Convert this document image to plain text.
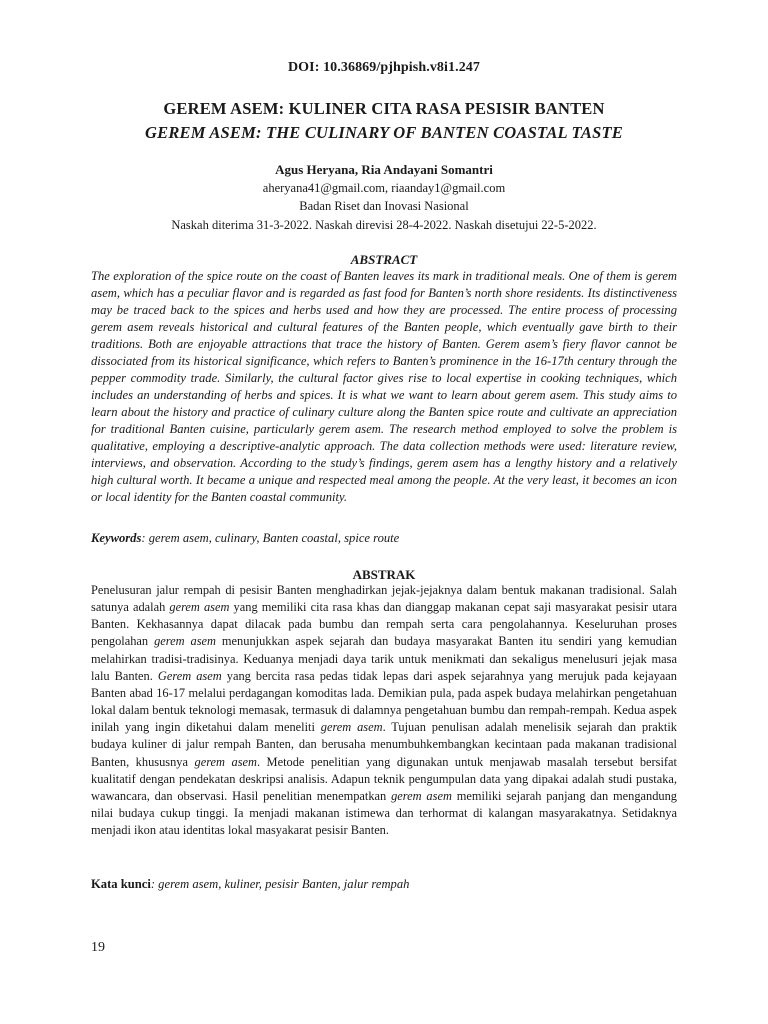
DOI: 10.36869/pjhpish.v8i1.247
GEREM ASEM: KULINER CITA RASA PESISIR BANTEN
GEREM ASEM: THE CULINARY OF BANTEN COASTAL TASTE
Agus Heryana, Ria Andayani Somantri
aheryana41@gmail.com, riaanday1@gmail.com
Badan Riset dan Inovasi Nasional
Naskah diterima 31-3-2022. Naskah direvisi 28-4-2022. Naskah disetujui 22-5-2022.
ABSTRACT

The exploration of the spice route on the coast of Banten leaves its mark in traditional meals. One of them is gerem asem, which has a peculiar flavor and is regarded as fast food for Banten’s north shore residents. Its distinctiveness may be traced back to the spices and herbs used and how they are processed. The entire process of processing gerem asem reveals historical and cultural features of the Banten people, which eventually gave birth to their traditions. Both are enjoyable attractions that trace the history of Banten. Gerem asem’s fiery flavor cannot be dissociated from its historical significance, which refers to Banten’s prominence in the 16-17th century through the pepper commodity trade. Similarly, the cultural factor gives rise to local expertise in cooking techniques, which includes an understanding of herbs and spices. It is what we want to learn about gerem asem. This study aims to learn about the history and practice of culinary culture along the Banten spice route and cultivate an appreciation for traditional Banten cuisine, particularly gerem asem. The research method employed to solve the problem is qualitative, employing a descriptive-analytic approach. The data collection methods were used: literature review, interviews, and observation. According to the study’s findings, gerem asem has a lengthy history and a relatively high cultural worth. It became a unique and respected meal among the people. At the very least, it becomes an icon or local identity for the Banten coastal community.

Keywords: gerem asem, culinary, Banten coastal, spice route

ABSTRAK

Penelusuran jalur rempah di pesisir Banten menghadirkan jejak-jejaknya dalam bentuk makanan tradisional. Salah satunya adalah gerem asem yang memiliki cita rasa khas dan dianggap makanan cepat saji masyarakat pesisir utara Banten. Kekhasannya dapat dilacak pada bumbu dan rempah serta cara pengolahannya. Keseluruhan proses pengolahan gerem asem menunjukkan aspek sejarah dan budaya masyarakat Banten itu sendiri yang kemudian melahirkan tradisi-tradisinya. Keduanya menjadi daya tarik untuk menikmati dan sekaligus menelusuri jejak masa lalu Banten. Gerem asem yang bercita rasa pedas tidak lepas dari aspek sejarahnya yang merujuk pada kejayaan Banten abad 16-17 melalui perdagangan komoditas lada. Demikian pula, pada aspek budaya melahirkan pengetahuan lokal dalam bentuk teknologi memasak, termasuk di dalamnya pengetahuan bumbu dan rempah-rempah. Kedua aspek inilah yang ingin diketahui dalam meneliti gerem asem. Tujuan penulisan adalah menelisik sejarah dan praktik budaya kuliner di jalur rempah Banten, dan berusaha menumbuhkembangkan kecintaan pada makanan tradisional Banten, khususnya gerem asem. Metode penelitian yang digunakan untuk menjawab masalah tersebut bersifat kualitatif dengan pendekatan deskripsi analisis. Adapun teknik pengumpulan data yang dipakai adalah studi pustaka, wawancara, dan observasi. Hasil penelitian menempatkan gerem asem memiliki sejarah panjang dan mengandung nilai budaya cukup tinggi. Ia menjadi makanan istimewa dan terhormat di kalangan masyarakatnya. Setidaknya menjadi ikon atau identitas lokal masyakarat pesisir Banten.

Kata kunci: gerem asem, kuliner, pesisir Banten, jalur rempah

19
